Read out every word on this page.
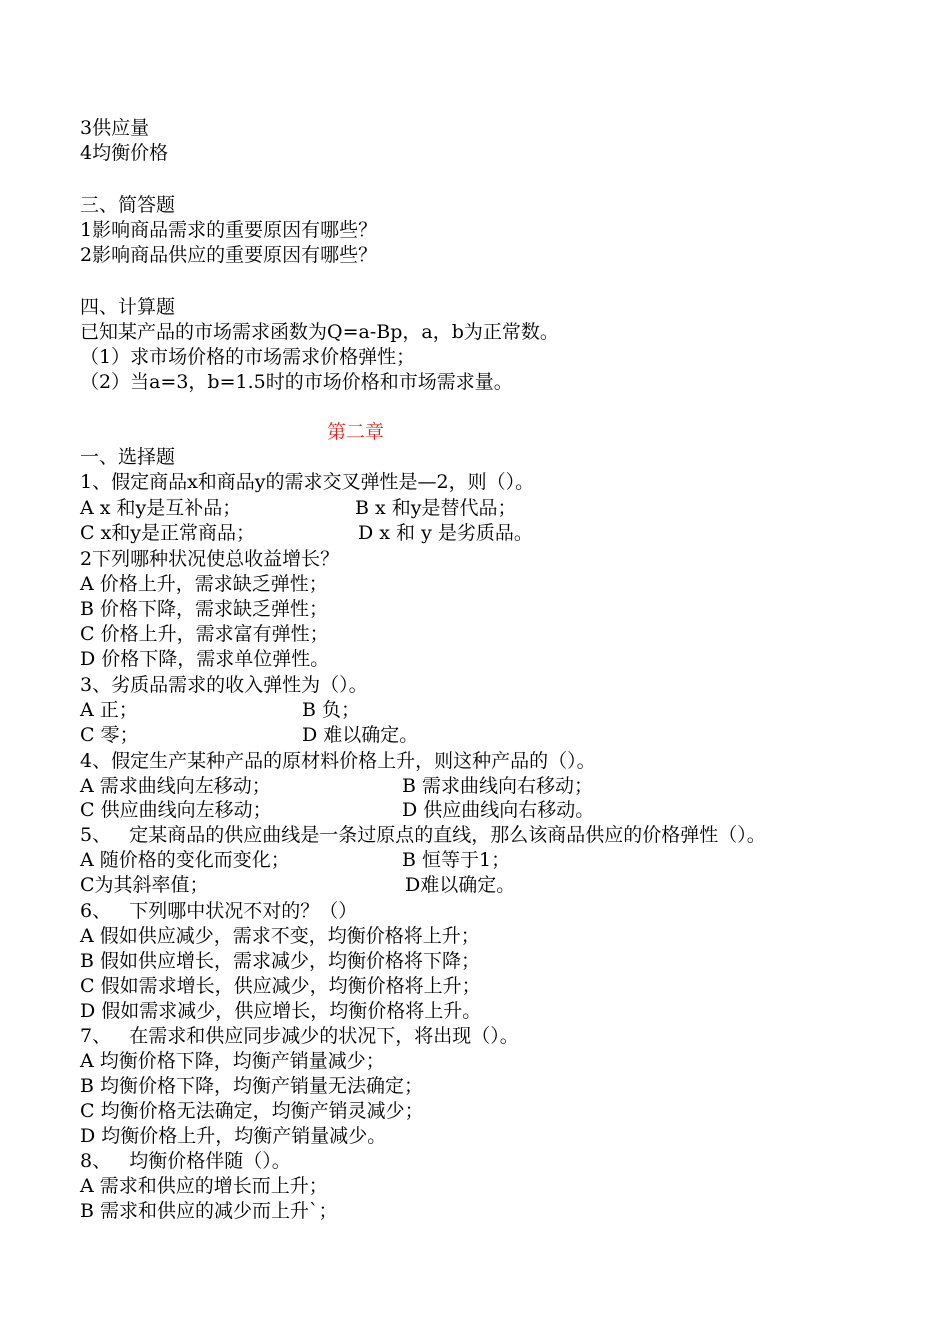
第二章
3供应量
4均衡价格
三、简答题
1影响商品需求的重要原因有哪些？
2影响商品供应的重要原因有哪些？
四、计算题
已知某产品的市场需求函数为Q=a-Bp，a，b为正常数。
（1）求市场价格的市场需求价格弹性；
（2）当a=3，b=1.5时的市场价格和市场需求量。
一、选择题
1、假定商品x和商品y的需求交叉弹性是—2，则（）。
2下列哪种状况使总收益增长？
A 价格上升，需求缺乏弹性；
B 价格下降，需求缺乏弹性；
C 价格上升，需求富有弹性；
D 价格下降，需求单位弹性。
3、劣质品需求的收入弹性为（）。
4、假定生产某种产品的原材料价格上升，则这种产品的（）。
5、   定某商品的供应曲线是一条过原点的直线，那么该商品供应的价格弹性（）。
6、   下列哪中状况不对的？（）
A 假如供应减少，需求不变，均衡价格将上升；
B 假如供应增长，需求减少，均衡价格将下降；
C 假如需求增长，供应减少，均衡价格将上升；
D 假如需求减少，供应增长，均衡价格将上升。
7、   在需求和供应同步减少的状况下，将出现（）。
A 均衡价格下降，均衡产销量减少；
B 均衡价格下降，均衡产销量无法确定；
C 均衡价格无法确定，均衡产销灵减少；
D 均衡价格上升，均衡产销量减少。
8、   均衡价格伴随（）。
A 需求和供应的增长而上升；
B 需求和供应的减少而上升`；
A x 和y是互补品；	B x 和y是替代品；
C x和y是正常商品；	D x 和 y 是劣质品。
A 正；	B 负；
C 零；	D 难以确定。
A 需求曲线向左移动；	B 需求曲线向右移动；
C 供应曲线向左移动；	D 供应曲线向右移动。
A 随价格的变化而变化；	B 恒等于1；
C为其斜率值；	D难以确定。
